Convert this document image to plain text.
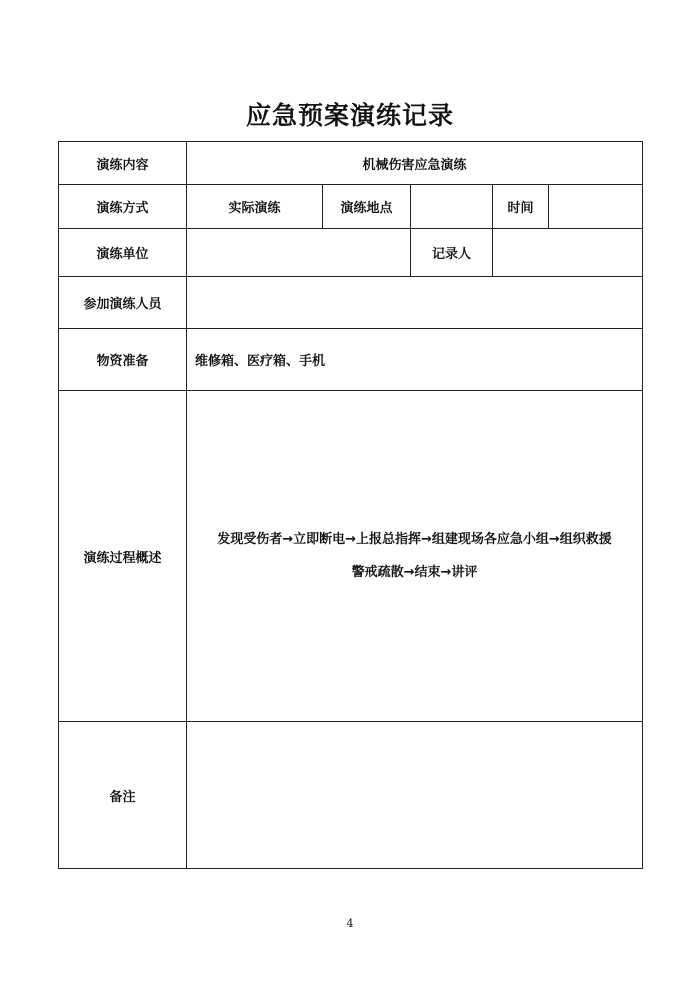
应急预案演练记录
演练内容	机械伤害应急演练				
演练方式	实际演练	演练地点		时间	
演练单位			记录人		
参加演练人员					
物资准备	维修箱、医疗箱、手机				
演练过程概述	发现受伤者→立即断电→上报总指挥→组建现场各应急小组→组织救援
警戒疏散→结束→讲评				

备注					
4
